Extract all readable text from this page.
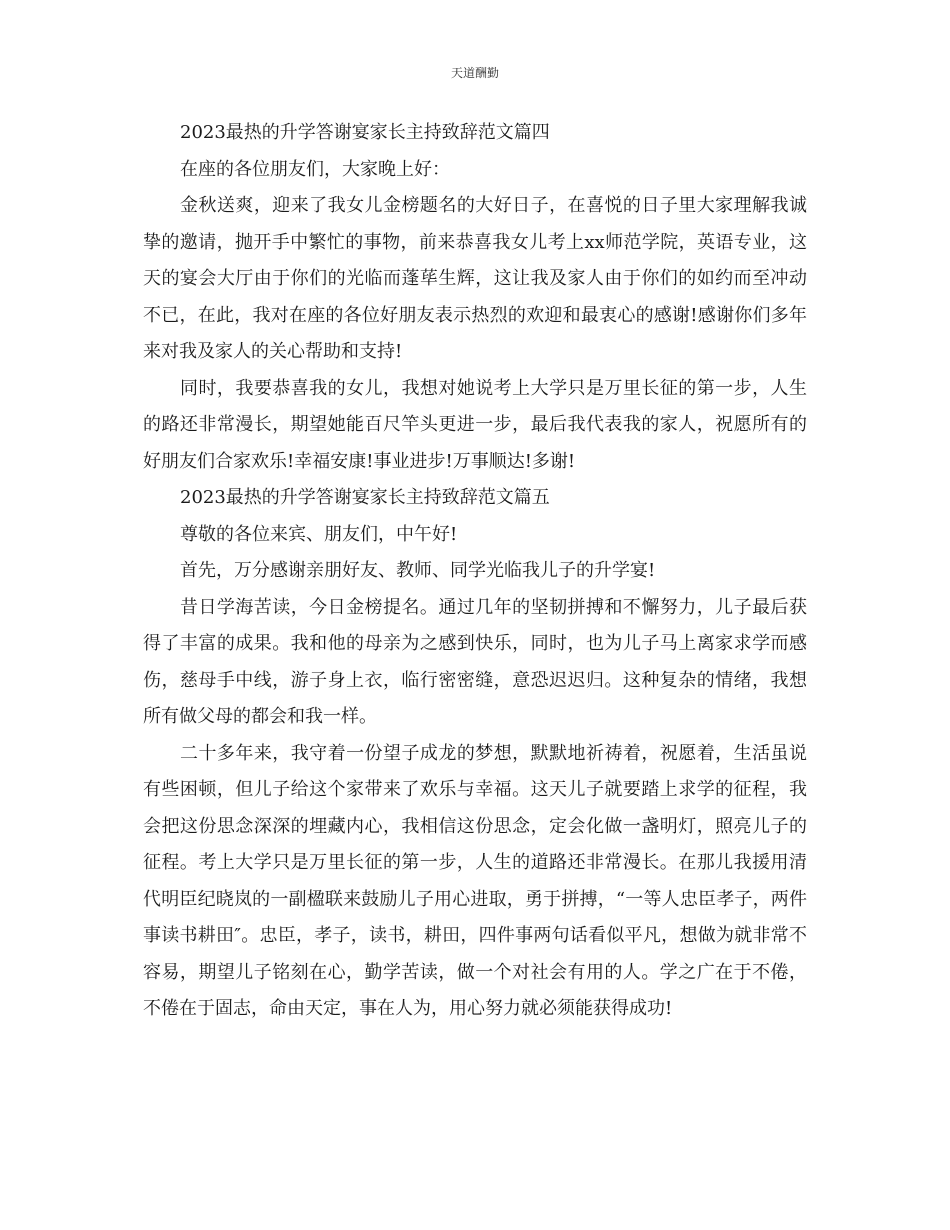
天道酬勤

2023最热的升学答谢宴家长主持致辞范文篇四

在座的各位朋友们，大家晚上好：

金秋送爽，迎来了我女儿金榜题名的大好日子，在喜悦的日子里大家理解我诚挚的邀请，抛开手中繁忙的事物，前来恭喜我女儿考上xx师范学院，英语专业，这天的宴会大厅由于你们的光临而蓬荜生辉，这让我及家人由于你们的如约而至冲动不已，在此，我对在座的各位好朋友表示热烈的欢迎和最衷心的感谢!感谢你们多年来对我及家人的关心帮助和支持!

同时，我要恭喜我的女儿，我想对她说考上大学只是万里长征的第一步，人生的路还非常漫长，期望她能百尺竿头更进一步，最后我代表我的家人，祝愿所有的好朋友们合家欢乐!幸福安康!事业进步!万事顺达!多谢!

2023最热的升学答谢宴家长主持致辞范文篇五

尊敬的各位来宾、朋友们，中午好!

首先，万分感谢亲朋好友、教师、同学光临我儿子的升学宴!

昔日学海苦读，今日金榜提名。通过几年的坚韧拼搏和不懈努力，儿子最后获得了丰富的成果。我和他的母亲为之感到快乐，同时，也为儿子马上离家求学而感伤，慈母手中线，游子身上衣，临行密密缝，意恐迟迟归。这种复杂的情绪，我想所有做父母的都会和我一样。

二十多年来，我守着一份望子成龙的梦想，默默地祈祷着，祝愿着，生活虽说有些困顿，但儿子给这个家带来了欢乐与幸福。这天儿子就要踏上求学的征程，我会把这份思念深深的埋藏内心，我相信这份思念，定会化做一盏明灯，照亮儿子的征程。考上大学只是万里长征的第一步，人生的道路还非常漫长。在那儿我援用清代明臣纪晓岚的一副楹联来鼓励儿子用心进取，勇于拼搏，“一等人忠臣孝子，两件事读书耕田″。忠臣，孝子，读书，耕田，四件事两句话看似平凡，想做为就非常不容易，期望儿子铭刻在心，勤学苦读，做一个对社会有用的人。学之广在于不倦，不倦在于固志，命由天定，事在人为，用心努力就必须能获得成功!
